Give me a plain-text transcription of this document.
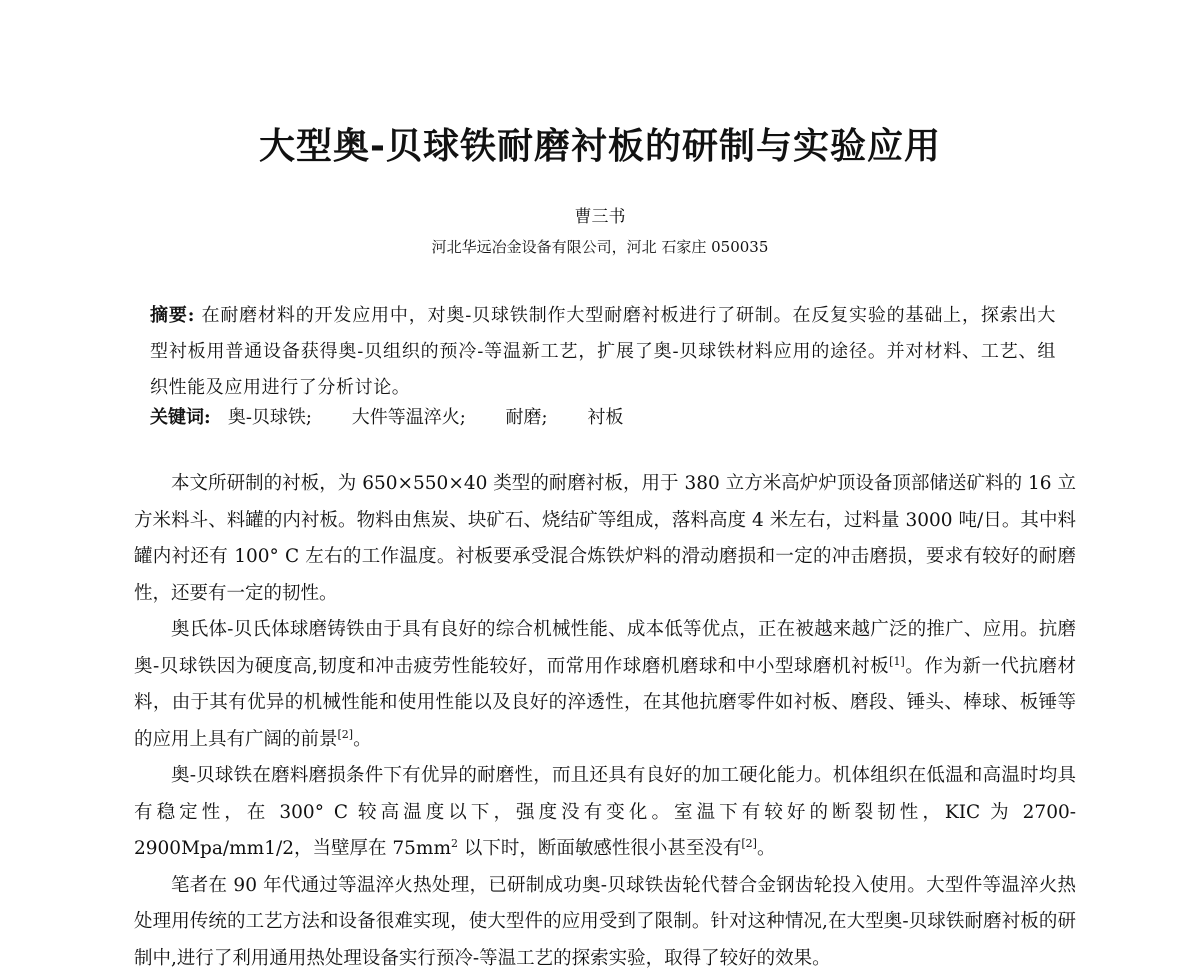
大型奥-贝球铁耐磨衬板的研制与实验应用
曹三书
河北华远冶金设备有限公司，河北 石家庄 050035
摘要: 在耐磨材料的开发应用中，对奥-贝球铁制作大型耐磨衬板进行了研制。在反复实验的基础上，探索出大型衬板用普通设备获得奥-贝组织的预冷-等温新工艺，扩展了奥-贝球铁材料应用的途径。并对材料、工艺、组织性能及应用进行了分析讨论。
关键词: 奥-贝球铁; 大件等温淬火; 耐磨; 衬板

本文所研制的衬板，为 650×550×40 类型的耐磨衬板，用于 380 立方米高炉炉顶设备顶部储送矿料的 16 立方米料斗、料罐的内衬板。物料由焦炭、块矿石、烧结矿等组成，落料高度 4 米左右，过料量 3000 吨/日。其中料罐内衬还有 100° C 左右的工作温度。衬板要承受混合炼铁炉料的滑动磨损和一定的冲击磨损，要求有较好的耐磨性，还要有一定的韧性。

奥氏体-贝氏体球磨铸铁由于具有良好的综合机械性能、成本低等优点，正在被越来越广泛的推广、应用。抗磨奥-贝球铁因为硬度高,韧度和冲击疲劳性能较好，而常用作球磨机磨球和中小型球磨机衬板[1]。作为新一代抗磨材料，由于其有优异的机械性能和使用性能以及良好的淬透性，在其他抗磨零件如衬板、磨段、锤头、棒球、板锤等的应用上具有广阔的前景[2]。

奥-贝球铁在磨料磨损条件下有优异的耐磨性，而且还具有良好的加工硬化能力。机体组织在低温和高温时均具有稳定性，在 300° C 较高温度以下，强度没有变化。室温下有较好的断裂韧性，KIC 为 2700-2900Mpa/mm1/2，当壁厚在 $75mm^2$ 以下时，断面敏感性很小甚至没有[2]。

笔者在 90 年代通过等温淬火热处理，已研制成功奥-贝球铁齿轮代替合金钢齿轮投入使用。大型件等温淬火热处理用传统的工艺方法和设备很难实现，使大型件的应用受到了限制。针对这种情况,在大型奥-贝球铁耐磨衬板的研制中,进行了利用通用热处理设备实行预冷-等温工艺的探索实验，取得了较好的效果。
